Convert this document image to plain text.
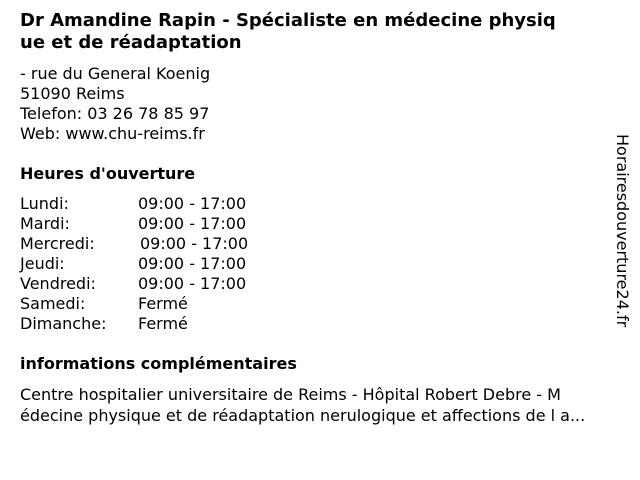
Dr Amandine Rapin - Spécialiste en médecine physiq
ue et de réadaptation
- rue du General Koenig
51090 Reims
Telefon: 03 26 78 85 97
Web: www.chu-reims.fr
Heures d'ouverture
Lundi:	09:00 - 17:00
Mardi:	09:00 - 17:00
Mercredi:	09:00 - 17:00
Jeudi:	09:00 - 17:00
Vendredi:	09:00 - 17:00
Samedi:	Fermé
Dimanche: Fermé
informations complémentaires
Centre hospitalier universitaire de Reims - Hôpital Robert Debre - M
édecine physique et de réadaptation nerulogique et affections de l a...
Horairesdouverture24.fr
